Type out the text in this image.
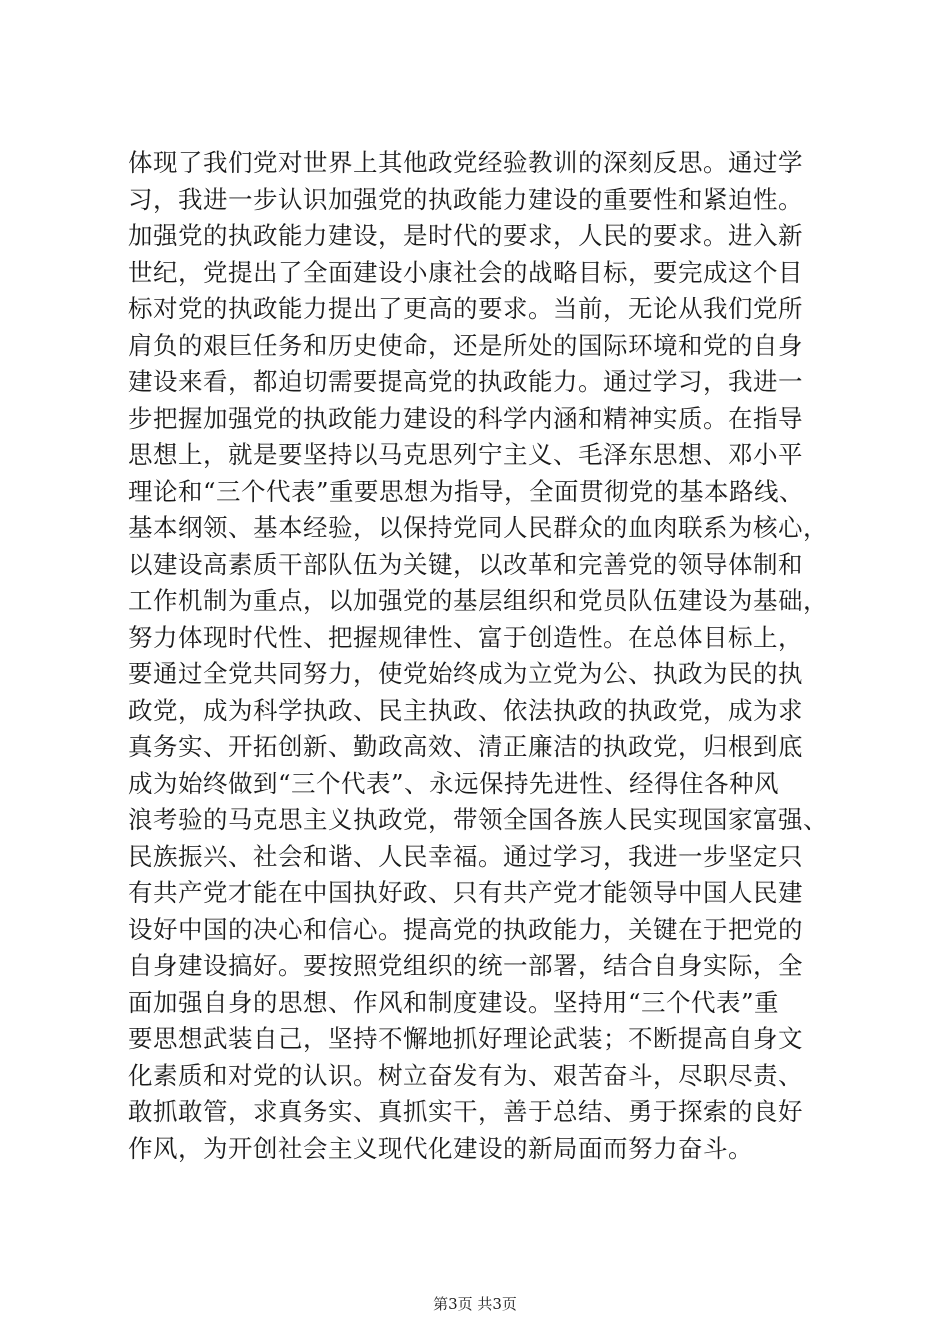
体现了我们党对世界上其他政党经验教训的深刻反思。通过学
习，我进一步认识加强党的执政能力建设的重要性和紧迫性。
加强党的执政能力建设，是时代的要求，人民的要求。进入新
世纪，党提出了全面建设小康社会的战略目标，要完成这个目
标对党的执政能力提出了更高的要求。当前，无论从我们党所
肩负的艰巨任务和历史使命，还是所处的国际环境和党的自身
建设来看，都迫切需要提高党的执政能力。通过学习，我进一
步把握加强党的执政能力建设的科学内涵和精神实质。在指导
思想上，就是要坚持以马克思列宁主义、毛泽东思想、邓小平
理论和“三个代表”重要思想为指导，全面贯彻党的基本路线、
基本纲领、基本经验，以保持党同人民群众的血肉联系为核心，
以建设高素质干部队伍为关键，以改革和完善党的领导体制和
工作机制为重点，以加强党的基层组织和党员队伍建设为基础，
努力体现时代性、把握规律性、富于创造性。在总体目标上，
要通过全党共同努力，使党始终成为立党为公、执政为民的执
政党，成为科学执政、民主执政、依法执政的执政党，成为求
真务实、开拓创新、勤政高效、清正廉洁的执政党，归根到底
成为始终做到“三个代表”、永远保持先进性、经得住各种风
浪考验的马克思主义执政党，带领全国各族人民实现国家富强、
民族振兴、社会和谐、人民幸福。通过学习，我进一步坚定只
有共产党才能在中国执好政、只有共产党才能领导中国人民建
设好中国的决心和信心。提高党的执政能力，关键在于把党的
自身建设搞好。要按照党组织的统一部署，结合自身实际，全
面加强自身的思想、作风和制度建设。坚持用“三个代表”重
要思想武装自己，坚持不懈地抓好理论武装；不断提高自身文
化素质和对党的认识。树立奋发有为、艰苦奋斗，尽职尽责、
敢抓敢管，求真务实、真抓实干，善于总结、勇于探索的良好
作风，为开创社会主义现代化建设的新局面而努力奋斗。
第3页 共3页
